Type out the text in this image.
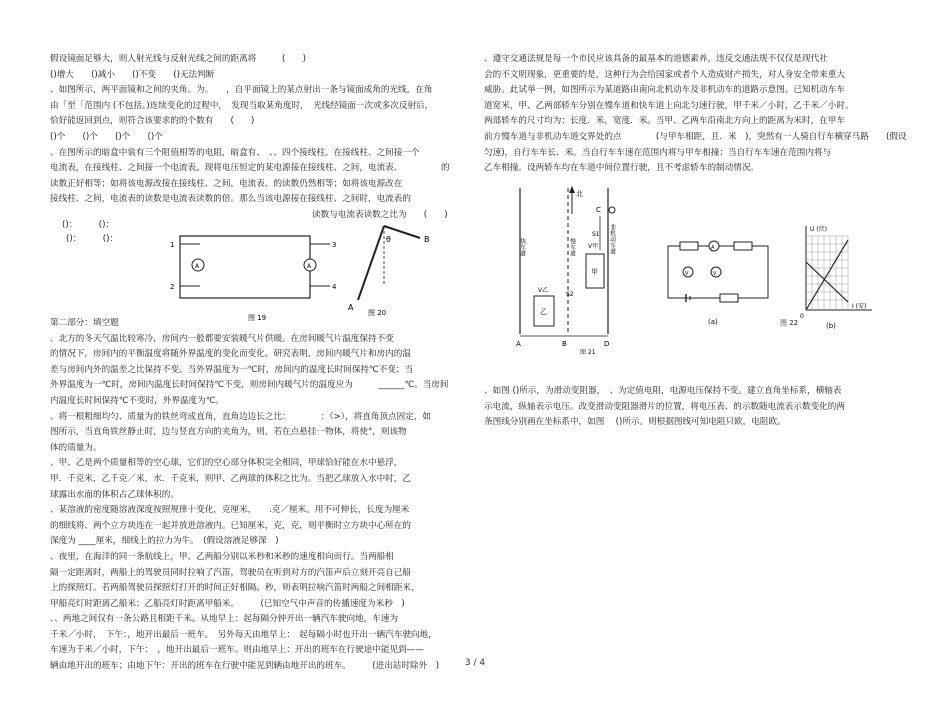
假设镜面足够大，则人射光线与反射光线之间的距离将　　　(　　)
()增大　　()减小　　()不变　　()无法判断
、如图所示，两平面镜和之间的夹角。为。　　，自平面镜上的某点射出一条与镜面成角的光线，在角
由「至「范围内 (不包括。)连续变化的过程中，　发现当取某角度时，　光线经镜面一次或多次反射后，
恰好能返回到点，则符合该要求的的个数有　　(　　)
()个　　()个　　()个　　()个
、在图所示的暗盒中装有三个阻值相等的电阻，暗盒有、　、、四个接线柱。在接线柱、之间接一个
电流表，在接线柱、之间接一个电流表。现将电压恒定的某电源接在接线柱、之间，电流表、　　　　　的
读数正好相等；如将该电源改接在接线柱、之间，电流表、的读数仍然相等；如将该电源改在
接线柱、之间，电流表的读数是电流表读数的倍。那么当该电源接在接线柱、之间时，电流表的
读数与电流表读数之比为　　(　　)
()：　　　()：
()：　　　()：
A	A
1
2
3
4
图 19
θ
A
B
图 20
第二部分：填空题
、北方的冬天气温比较寒冷，房间内一般都要安装暖气片供暖。在房间暖气片温度保持不变
的情况下，房间内的平衡温度将随外界温度的变化而变化。研究表明，房间内暖气片和房内的温
差与房间内外的温差之比保持不变。当外界温度为一℃时，房间内的温度长时间保持℃不变；当
外界温度为一℃时，房间内温度长时间保持℃不变，则房间内暖气片的温度应为　　　______℃。当房间
内温度长时间保持℃不变时，外界温度为℃。
、将一根粗细均匀、质量为的铁丝弯成直角，直角边边长之比：　　　　：（>），将直角顶点固定，如
图所示，当直角铁丝静止时，边与竖直方向的夹角为，则，若在点悬挂一物体，将使°，则该物
体的质量为。
、甲、乙是两个质量相等的空心球，它们的空心部分体积完全相同，甲球恰好能在水中悬浮，
甲．千克米，乙千克／米，水．千克米，则甲、乙两球的体积之比为。当把乙球放入水中时，乙
球露出水面的体积占乙球体积的。
、某溶液的密度随溶液深度按照规律十变化，克厘米，　　.克／厘米。用不可伸长，长度为厘米
的细线将、两个立方块连在一起并放进溶液内。已知厘米，克，克，则平衡时立方块中心所在的
深度为 ____厘米，细线上的拉力为牛。　(假设溶液足够深　)
、夜里，在海洋的同一条航线上，甲、乙两船分别以米秒和米秒的速度相向而行。当两船相
隔一定距离时，两船上的驾驶员同时拉响了汽笛，驾驶员在听到对方的汽笛声后立刻开亮自己船
上的探照灯。若两船驾驶员探照灯打开的时间正好相隔。秒，则表明拉响汽笛时两船之间相距米，
甲船亮灯时距离乙船米；乙船亮灯时距离甲船米。　　　(已知空气中声音的传播速度为米秒　)
、、两地之间仅有一条公路且相距千米。从地早上：起每隔分钟开出一辆汽车驶向地，车速为
千米／小时，　下午：，地开出最后一班车。　另外每天由地早上：　起每隔小时也开出一辆汽车驶向地，
车速为千米／小时，下午：　，地开出最后一班车。则由地早上：开出的班车在行驶途中能见到——
辆由地开出的班车；由地下午：开出的班车在行驶中能见到辆由地开出的班车。　　　(进出站时除外　)
、遵守交通法规是每一个市民应该具备的最基本的道德素养，违反交通法规不仅仅是现代社
会的不文明现象，更重要的是，这种行为会给国家或者个人造成财产损失，对人身安全带来重大
威胁。此试举一例，如图所示为某道路由南向北机动车及非机动车的道路示意图。已知机动车车
道宽米，甲、乙两部轿车分别在慢车道和快车道上向北匀速行驶，甲千米／小时，乙千米／小时。
两部轿车的尺寸均为：长度．米，宽度．米。当甲、乙两车沿南北方向上的距离为米时，在甲车
前方慢车道与非机动车道交界处的点　　　　(与甲车相距，且．米　)，突然有一人骑自行车横穿马路　　(假设
匀速)，自行车车长．米。当自行车车速在范围内将与甲车相撞；当自行车车速在范围内将与
乙车相撞。设两轿车均在车道中间位置行驶，且不考虑轿车的制动情况。
北
快车道	慢车道	非机动车道
甲
V甲
乙
V乙
C
S1
S2
A	B	D
图 21
A
V	V
(a)
U (伏)
I (安)
0
(b)
图 22
、如图 ()所示，为滑动变阻器，　、为定值电阻，电源电压保持不变。建立直角坐标系，横轴表
示电流，纵轴表示电压。改变滑动变阻器滑片的位置，将电压表、的示数随电流表示数变化的两
条图线分别画在坐标系中，如图　 ()所示。则根据图线可知电阻只欧，电阻欧。
3 / 4
